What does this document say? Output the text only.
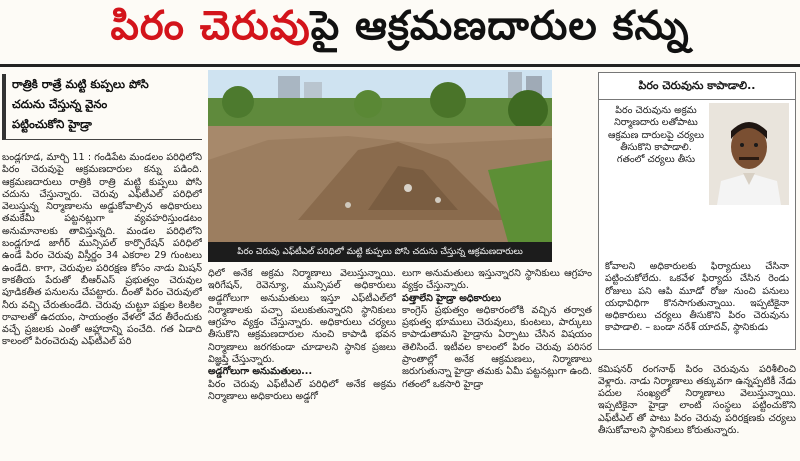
పిరం చెరువు పై ఆక్రమణదారుల కన్ను
రాత్రికి రాత్రే మట్టి కుప్పలు పోసి
చదును చేస్తున్న వైనం
పట్టించుకోని హైడ్రా

బండ్లగూడ, మార్చి 11 : గండిపేట మండలం పరిధిలోని పిరం చెరువుపై ఆక్రమణదారుల కన్ను పడింది. ఆక్రమణదారులు రాత్రికి రాత్రి మట్టి కుప్పలు పోసి చదును చేస్తున్నారు. చెరువు ఎఫ్‌టీఎల్ పరిధిలో వెలుస్తున్న నిర్మాణాలను అడ్డుకోవాల్సిన అధికారులు తమకేమీ పట్టనట్లుగా వ్యవహరిస్తుండటం అనుమానాలకు తావిస్తున్నది. మండల పరిధిలోని బండ్లగూడ జాగీర్ మున్సిపల్ కార్పొరేషన్ పరిధిలో ఉండే పిరం చెరువు విస్తీర్ణం 34 ఎకరాల 29 గుంటలు ఉండేది. కాగా, చెరువుల పరిరక్షణ కోసం నాడు మిషన్ కాకతీయ పేరుతో బీఆర్ఎస్ ప్రభుత్వం చెరువుల పూడికతీత పనులను చేపట్టారు. దీంతో పిరం చెరువులో నీరు వచ్చి చేరుతుండేది. చెరువు చుట్టూ పక్షుల కిలకిల రావాలతో ఉదయం, సాయంత్రం వేళలో వేద తీరేందుకు వచ్చే ప్రజలకు ఎంతో ఆహ్లాదాన్ని పంచేది. గత ఏడాది కాలంలో పిరంచెరువు ఎఫ్‌టీఎల్ పరి

పిరం చెరువు ఎఫ్‌టీఎల్ పరిధిలో మట్టి కుప్పలు పోసి చదును చేస్తున్న ఆక్రమణదారులు

ధిలో అనేక అక్రమ నిర్మాణాలు వెలుస్తున్నాయి. ఇరిగేషన్, రెవెన్యూ, మున్సిపల్ అధికారులు అడ్డగోలుగా అనుమతులు ఇస్తూ ఎఫ్‌టీఎల్‌లో నిర్మాణాలకు పచ్చా పలుకుతున్నారని స్థానికులు ఆగ్రహం వ్యక్తం చేస్తున్నారు. అధికారులు చర్యలు తీసుకొని ఆక్రమణదారుల నుంచి కాపాడి భవన నిర్మాణాలు జరగకుండా చూడాలని స్థానిక ప్రజలు విజ్ఞప్తి చేస్తున్నారు.

అడ్డగోలుగా అనుమతులు...

పిరం చెరువు ఎఫ్‌టీఎల్ పరిధిలో అనేక అక్రమ నిర్మాణాలు అధికారులు అడ్డగో

లుగా అనుమతులు ఇస్తున్నారని స్థానికులు ఆగ్రహం వ్యక్తం చేస్తున్నారు.

పత్తాలేని హైడ్రా అధికారులు

కాంగ్రెస్ ప్రభుత్వం అధికారంలోకి వచ్చిన తర్వాత ప్రభుత్వ భూములు చెరువులు, కుంటలు, పార్కులు కాపాడుతామని హైడ్రాను ఏర్పాటు చేసిన విషయం తెలిసిందే. ఇటీవల కాలంలో పిరం చెరువు పరిసర ప్రాంతాల్లో అనేక ఆక్రమణలు, నిర్మాణాలు జరుగుతున్నా హైడ్రా తమకు ఏమీ పట్టనట్లుగా ఉంది. గతంలో ఒకసారి హైడ్రా

పిరం చెరువును కాపాడాలి..
పిరం చెరువును అక్రమ నిర్మాణదారు లతోపాటు ఆక్రమణ దారులపై చర్యలు తీసుకొని కాపాడాలి. గతంలో చర్యలు తీసు
కోవాలని అధికారులకు ఫిర్యాదులు చేసినా పట్టించుకోలేదు. ఒకవేళ ఫిర్యాదు చేసిన రెండు రోజులు పని ఆపి మూడో రోజు నుంచి పనులు యధావిధిగా కొనసాగుతున్నాయి. ఇప్పటికైనా అధికారులు చర్యలు తీసుకొని పిరం చెరువును కాపాడాలి. – బండా నరేశ్ యాదవ్, స్థానికుడు

కమిషనర్ రంగనాథ్ పిరం చెరువును పరిశీలించి వెళ్లారు. నాడు నిర్మాణాలు తక్కువగా ఉన్నప్పటికీ నేడు పదుల సంఖ్యలో నిర్మాణాలు వెలుస్తున్నాయి. ఇప్పటికైనా హైడ్రా లాంటి సంస్థలు పట్టించుకొని ఎఫ్‌టీఎల్ తో పాటు పిరం చెరువు పరిరక్షణకు చర్యలు తీసుకోవాలని స్థానికులు కోరుతున్నారు.
